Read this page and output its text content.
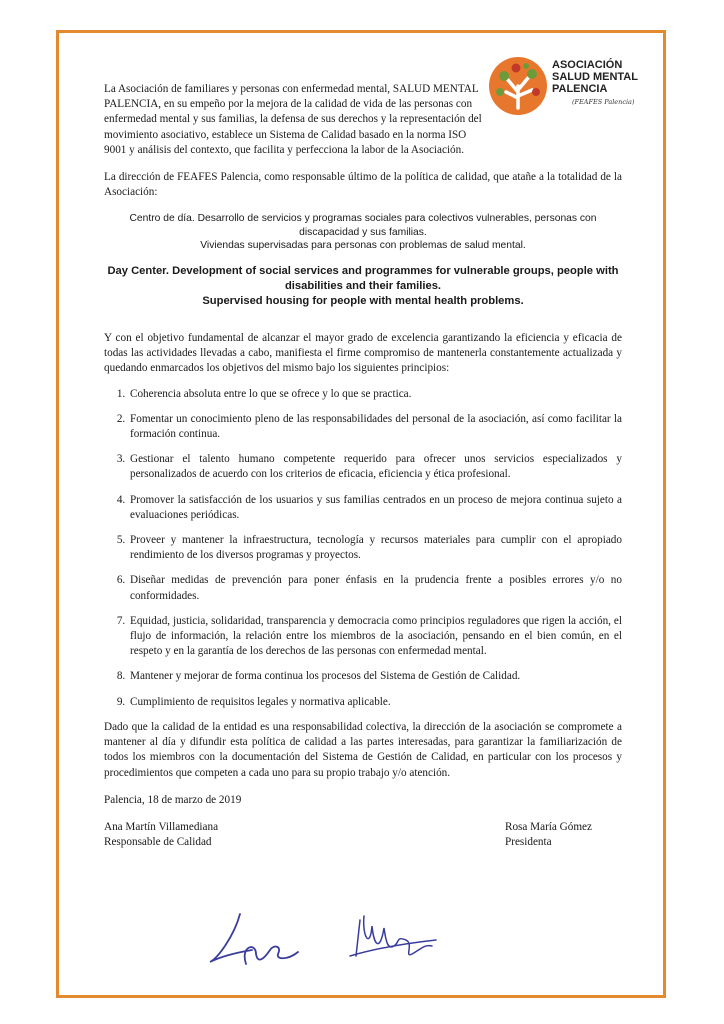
ASOCIACIÓN
SALUD MENTAL
PALENCIA
(FEAFES Palencia)

La Asociación de familiares y personas con enfermedad mental, SALUD MENTAL PALENCIA, en su empeño por la mejora de la calidad de vida de las personas con enfermedad mental y sus familias, la defensa de sus derechos y la representación del movimiento asociativo, establece un Sistema de Calidad basado en la norma ISO 9001 y análisis del contexto, que facilita y perfecciona la labor de la Asociación.

La dirección de FEAFES Palencia, como responsable último de la política de calidad, que atañe a la totalidad de la Asociación:

Centro de día. Desarrollo de servicios y programas sociales para colectivos vulnerables, personas con discapacidad y sus familias.
Viviendas supervisadas para personas con problemas de salud mental.
Day Center. Development of social services and programmes for vulnerable groups, people with disabilities and their families.
Supervised housing for people with mental health problems.

Y con el objetivo fundamental de alcanzar el mayor grado de excelencia garantizando la eficiencia y eficacia de todas las actividades llevadas a cabo, manifiesta el firme compromiso de mantenerla constantemente actualizada y quedando enmarcados los objetivos del mismo bajo los siguientes principios:

1. Coherencia absoluta entre lo que se ofrece y lo que se practica.
2. Fomentar un conocimiento pleno de las responsabilidades del personal de la asociación, así como facilitar la formación continua.
3. Gestionar el talento humano competente requerido para ofrecer unos servicios especializados y personalizados de acuerdo con los criterios de eficacia, eficiencia y ética profesional.
4. Promover la satisfacción de los usuarios y sus familias centrados en un proceso de mejora continua sujeto a evaluaciones periódicas.
5. Proveer y mantener la infraestructura, tecnología y recursos materiales para cumplir con el apropiado rendimiento de los diversos programas y proyectos.
6. Diseñar medidas de prevención para poner énfasis en la prudencia frente a posibles errores y/o no conformidades.
7. Equidad, justicia, solidaridad, transparencia y democracia como principios reguladores que rigen la acción, el flujo de información, la relación entre los miembros de la asociación, pensando en el bien común, en el respeto y en la garantía de los derechos de las personas con enfermedad mental.
8. Mantener y mejorar de forma continua los procesos del Sistema de Gestión de Calidad.
9. Cumplimiento de requisitos legales y normativa aplicable.

Dado que la calidad de la entidad es una responsabilidad colectiva, la dirección de la asociación se compromete a mantener al día y difundir esta política de calidad a las partes interesadas, para garantizar la familiarización de todos los miembros con la documentación del Sistema de Gestión de Calidad, en particular con los procesos y procedimientos que competen a cada uno para su propio trabajo y/o atención.

Palencia, 18 de marzo de 2019

Ana Martín Villamediana
Responsable de Calidad
Rosa María Gómez
Presidenta
